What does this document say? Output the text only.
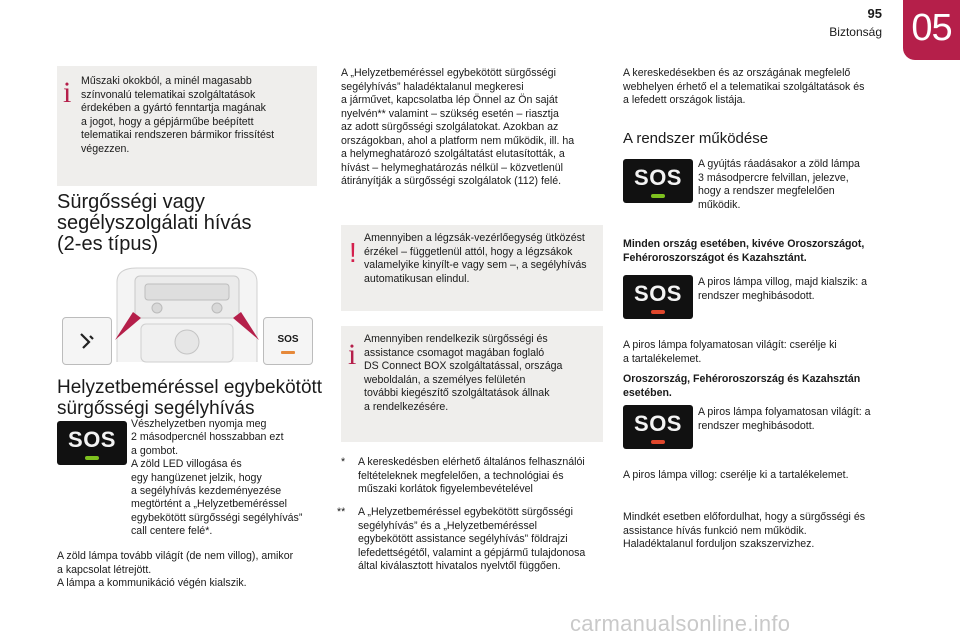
95
Biztonság 05
i Műszaki okokból, a minél magasabb
színvonalú telematikai szolgáltatások
érdekében a gyártó fenntartja magának
a jogot, hogy a gépjárműbe beépített
telematikai rendszeren bármikor frissítést
végezzen.
Sürgősségi vagy
segélyszolgálati hívás
(2-es típus)
SOS
Helyzetbeméréssel egybekötött
sürgősségi segélyhívás
SOS
Vészhelyzetben nyomja meg
2 másodpercnél hosszabban ezt
a gombot.
A zöld LED villogása és
egy hangüzenet jelzik, hogy
a segélyhívás kezdeményezése
megtörtént a „Helyzetbeméréssel
egybekötött sürgősségi segélyhívás”
call centere felé*.
A zöld lámpa tovább világít (de nem villog), amikor
a kapcsolat létrejött.
A lámpa a kommunikáció végén kialszik.
A „Helyzetbeméréssel egybekötött sürgősségi
segélyhívás” haladéktalanul megkeresi
a járművet, kapcsolatba lép Önnel az Ön saját
nyelvén** valamint – szükség esetén – riasztja
az adott sürgősségi szolgálatokat. Azokban az
országokban, ahol a platform nem működik, ill. ha
a helymeghatározó szolgáltatást elutasították, a
hívást – helymeghatározás nélkül – közvetlenül
átirányítják a sürgősségi szolgálatok (112) felé.
! Amennyiben a légzsák-vezérlőegység ütközést
érzékel – függetlenül attól, hogy a légzsákok
valamelyike kinyílt-e vagy sem –, a segélyhívás
automatikusan elindul.
i Amennyiben rendelkezik sürgősségi és
assistance csomagot magában foglaló
DS Connect BOX szolgáltatással, országa
weboldalán, a személyes felületén
további kiegészítő szolgáltatások állnak
a rendelkezésére.
* A kereskedésben elérhető általános felhasználói
feltételeknek megfelelően, a technológiai és
műszaki korlátok figyelembevételével
** A „Helyzetbeméréssel egybekötött sürgősségi
segélyhívás” és a „Helyzetbeméréssel
egybekötött assistance segélyhívás” földrajzi
lefedettségétől, valamint a gépjármű tulajdonosa
által kiválasztott hivatalos nyelvtől függően.
A kereskedésekben és az országának megfelelő
webhelyen érhető el a telematikai szolgáltatások és
a lefedett országok listája.
A rendszer működése
SOS
A gyújtás ráadásakor a zöld lámpa
3 másodpercre felvillan, jelezve,
hogy a rendszer megfelelően
működik.
Minden ország esetében, kivéve Oroszországot,
Fehéroroszországot és Kazahsztánt.
SOS	A piros lámpa villog, majd kialszik: a
rendszer meghibásodott.
A piros lámpa folyamatosan világít: cserélje ki
a tartalékelemet.
Oroszország, Fehéroroszország és Kazahsztán
esetében.
SOS	A piros lámpa folyamatosan világít: a
rendszer meghibásodott.
A piros lámpa villog: cserélje ki a tartalékelemet.
Mindkét esetben előfordulhat, hogy a sürgősségi és
assistance hívás funkció nem működik.
Haladéktalanul forduljon szakszervizhez.
carmanualsonline.info
